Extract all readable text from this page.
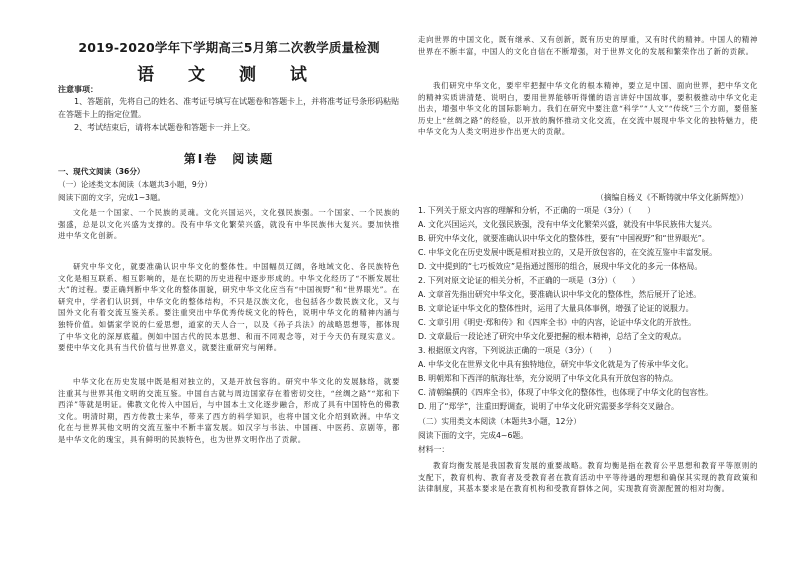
2019-2020学年下学期高三5月第二次教学质量检测
语 文 测 试
注意事项：
1、答题前，先将自己的姓名、准考证号填写在试题卷和答题卡上，并将准考证号条形码粘贴在答题卡上的指定位置。
2、考试结束后，请将本试题卷和答题卡一并上交。
第Ⅰ卷　阅读题
一、现代文阅读（36分）
（一）论述类文本阅读（本题共3小题，9分）
阅读下面的文字，完成1~3题。
文化是一个国家、一个民族的灵魂。文化兴国运兴，文化强民族强。一个国家、一个民族的强盛，总是以文化兴盛为支撑的。没有中华文化繁荣兴盛，就没有中华民族伟大复兴。要加快推进中华文化创新。
研究中华文化，就要准确认识中华文化的整体性。中国幅员辽阔，各地域文化、各民族特色文化是相互联系、相互影响的，是在长期的历史进程中逐步形成的。中华文化经历了“不断发展壮大”的过程。要正确判断中华文化的整体面貌，研究中华文化应当有“中国视野”和“世界眼光”。在研究中，学者们认识到，中华文化的整体结构，不只是汉族文化，也包括各少数民族文化，又与国外文化有着交流互鉴关系。要注重突出中华优秀传统文化的特色，说明中华文化的精神内涵与独特价值。如儒家学说的仁爱思想，道家的天人合一，以及《孙子兵法》的战略思想等，都体现了中华文化的深厚底蕴。例如中国古代的民本思想、和而不同观念等，对于今天仍有现实意义。要使中华文化具有当代价值与世界意义，就要注重研究与阐释。
中华文化在历史发展中既是相对独立的，又是开放包容的。研究中华文化的发展脉络，就要注重其与世界其他文明的交流互鉴。中国自古就与周边国家存在着密切交往，“丝绸之路”“郑和下西洋”等就是明证。佛教文化传入中国后，与中国本土文化逐步融合，形成了具有中国特色的佛教文化。明清时期，西方传教士来华，带来了西方的科学知识，也将中国文化介绍到欧洲。中华文化在与世界其他文明的交流互鉴中不断丰富发展。如汉字与书法、中国画、中医药、京剧等，都是中华文化的瑰宝，具有鲜明的民族特色，也为世界文明作出了贡献。
走向世界的中国文化，既有继承、又有创新，既有历史的厚重，又有时代的精神。中国人的精神世界在不断丰富，中国人的文化自信在不断增强，对于世界文化的发展和繁荣作出了新的贡献。
我们研究中华文化，要牢牢把握中华文化的根本精神，要立足中国、面向世界，把中华文化的精神实质讲清楚、说明白，要用世界能够听得懂的语言讲好中国故事，要积极推动中华文化走出去，增强中华文化的国际影响力。我们在研究中要注意“科学”“人文”“传统”三个方面，要借鉴历史上“丝绸之路”的经验，以开放的胸怀推动文化交流，在交流中展现中华文化的独特魅力，使中华文化为人类文明进步作出更大的贡献。
（摘编自杨义《不断铸就中华文化新辉煌》）
1. 下列关于原文内容的理解和分析，不正确的一项是（3分）（　　）
A. 文化兴国运兴，文化强民族强，没有中华文化繁荣兴盛，就没有中华民族伟大复兴。
B. 研究中华文化，就要准确认识中华文化的整体性，要有“中国视野”和“世界眼光”。
C. 中华文化在历史发展中既是相对独立的，又是开放包容的，在交流互鉴中丰富发展。
D. 文中提到的“七巧板效应”是指通过图形的组合，展现中华文化的多元一体格局。
2. 下列对原文论证的相关分析，不正确的一项是（3分）（　　）
A. 文章首先指出研究中华文化，要准确认识中华文化的整体性，然后展开了论述。
B. 文章论证中华文化的整体性时，运用了大量具体事例，增强了论证的说服力。
C. 文章引用《明史·郑和传》和《四库全书》中的内容，论证中华文化的开放性。
D. 文章最后一段论述了研究中华文化要把握的根本精神，总结了全文的观点。
3. 根据原文内容，下列说法正确的一项是（3分）（　　）
A. 中华文化在世界文化中具有独特地位，研究中华文化就是为了传承中华文化。
B. 明朝郑和下西洋的航海壮举，充分说明了中华文化具有开放包容的特点。
C. 清朝编撰的《四库全书》，体现了中华文化的整体性，也体现了中华文化的包容性。
D. 用了“郑学”，注重田野调查，说明了中华文化研究需要多学科交叉融合。
（二）实用类文本阅读（本题共3小题，12分）
阅读下面的文字，完成4~6题。
材料一：
教育均衡发展是我国教育发展的重要战略。教育均衡是指在教育公平思想和教育平等原则的支配下，教育机构、教育者及受教育者在教育活动中平等待遇的理想和确保其实现的教育政策和法律制度，其基本要求是在教育机构和受教育群体之间，实现教育资源配置的相对均衡。
